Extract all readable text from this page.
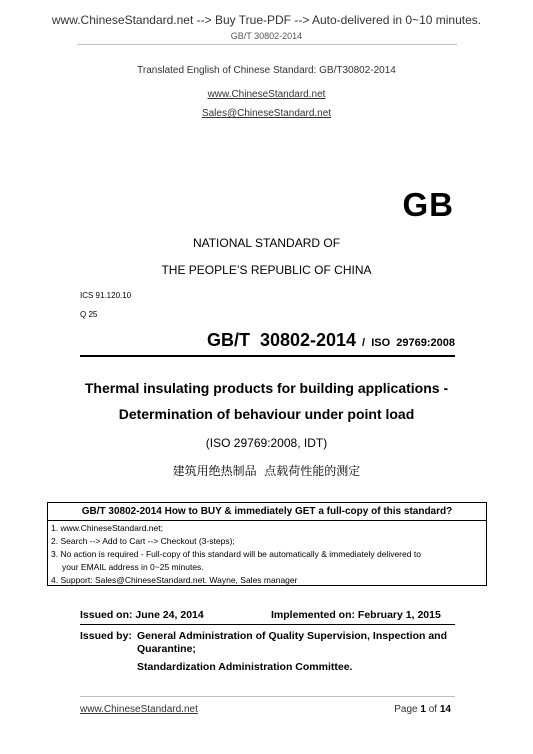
www.ChineseStandard.net --> Buy True-PDF --> Auto-delivered in 0~10 minutes.
GB/T 30802-2014
Translated English of Chinese Standard: GB/T30802-2014
www.ChineseStandard.net
Sales@ChineseStandard.net
GB
NATIONAL STANDARD OF
THE PEOPLE’S REPUBLIC OF CHINA
ICS 91.120.10
Q 25
GB/T  30802-2014 /  ISO  29769:2008
Thermal insulating products for building applications -
Determination of behaviour under point load
(ISO 29769:2008, IDT)
建筑用绝热制品  点载荷性能的测定
GB/T 30802-2014 How to BUY & immediately GET a full-copy of this standard?
1. www.ChineseStandard.net;
2. Search --> Add to Cart --> Checkout (3-steps);
3. No action is required - Full-copy of this standard will be automatically & immediately delivered to
your EMAIL address in 0~25 minutes.
4. Support: Sales@ChineseStandard.net. Wayne, Sales manager
Issued on: June 24, 2014	Implemented on: February 1, 2015
Issued by: General Administration of Quality Supervision, Inspection and
Quarantine;
Standardization Administration Committee.
www.ChineseStandard.net	Page 1 of 14
